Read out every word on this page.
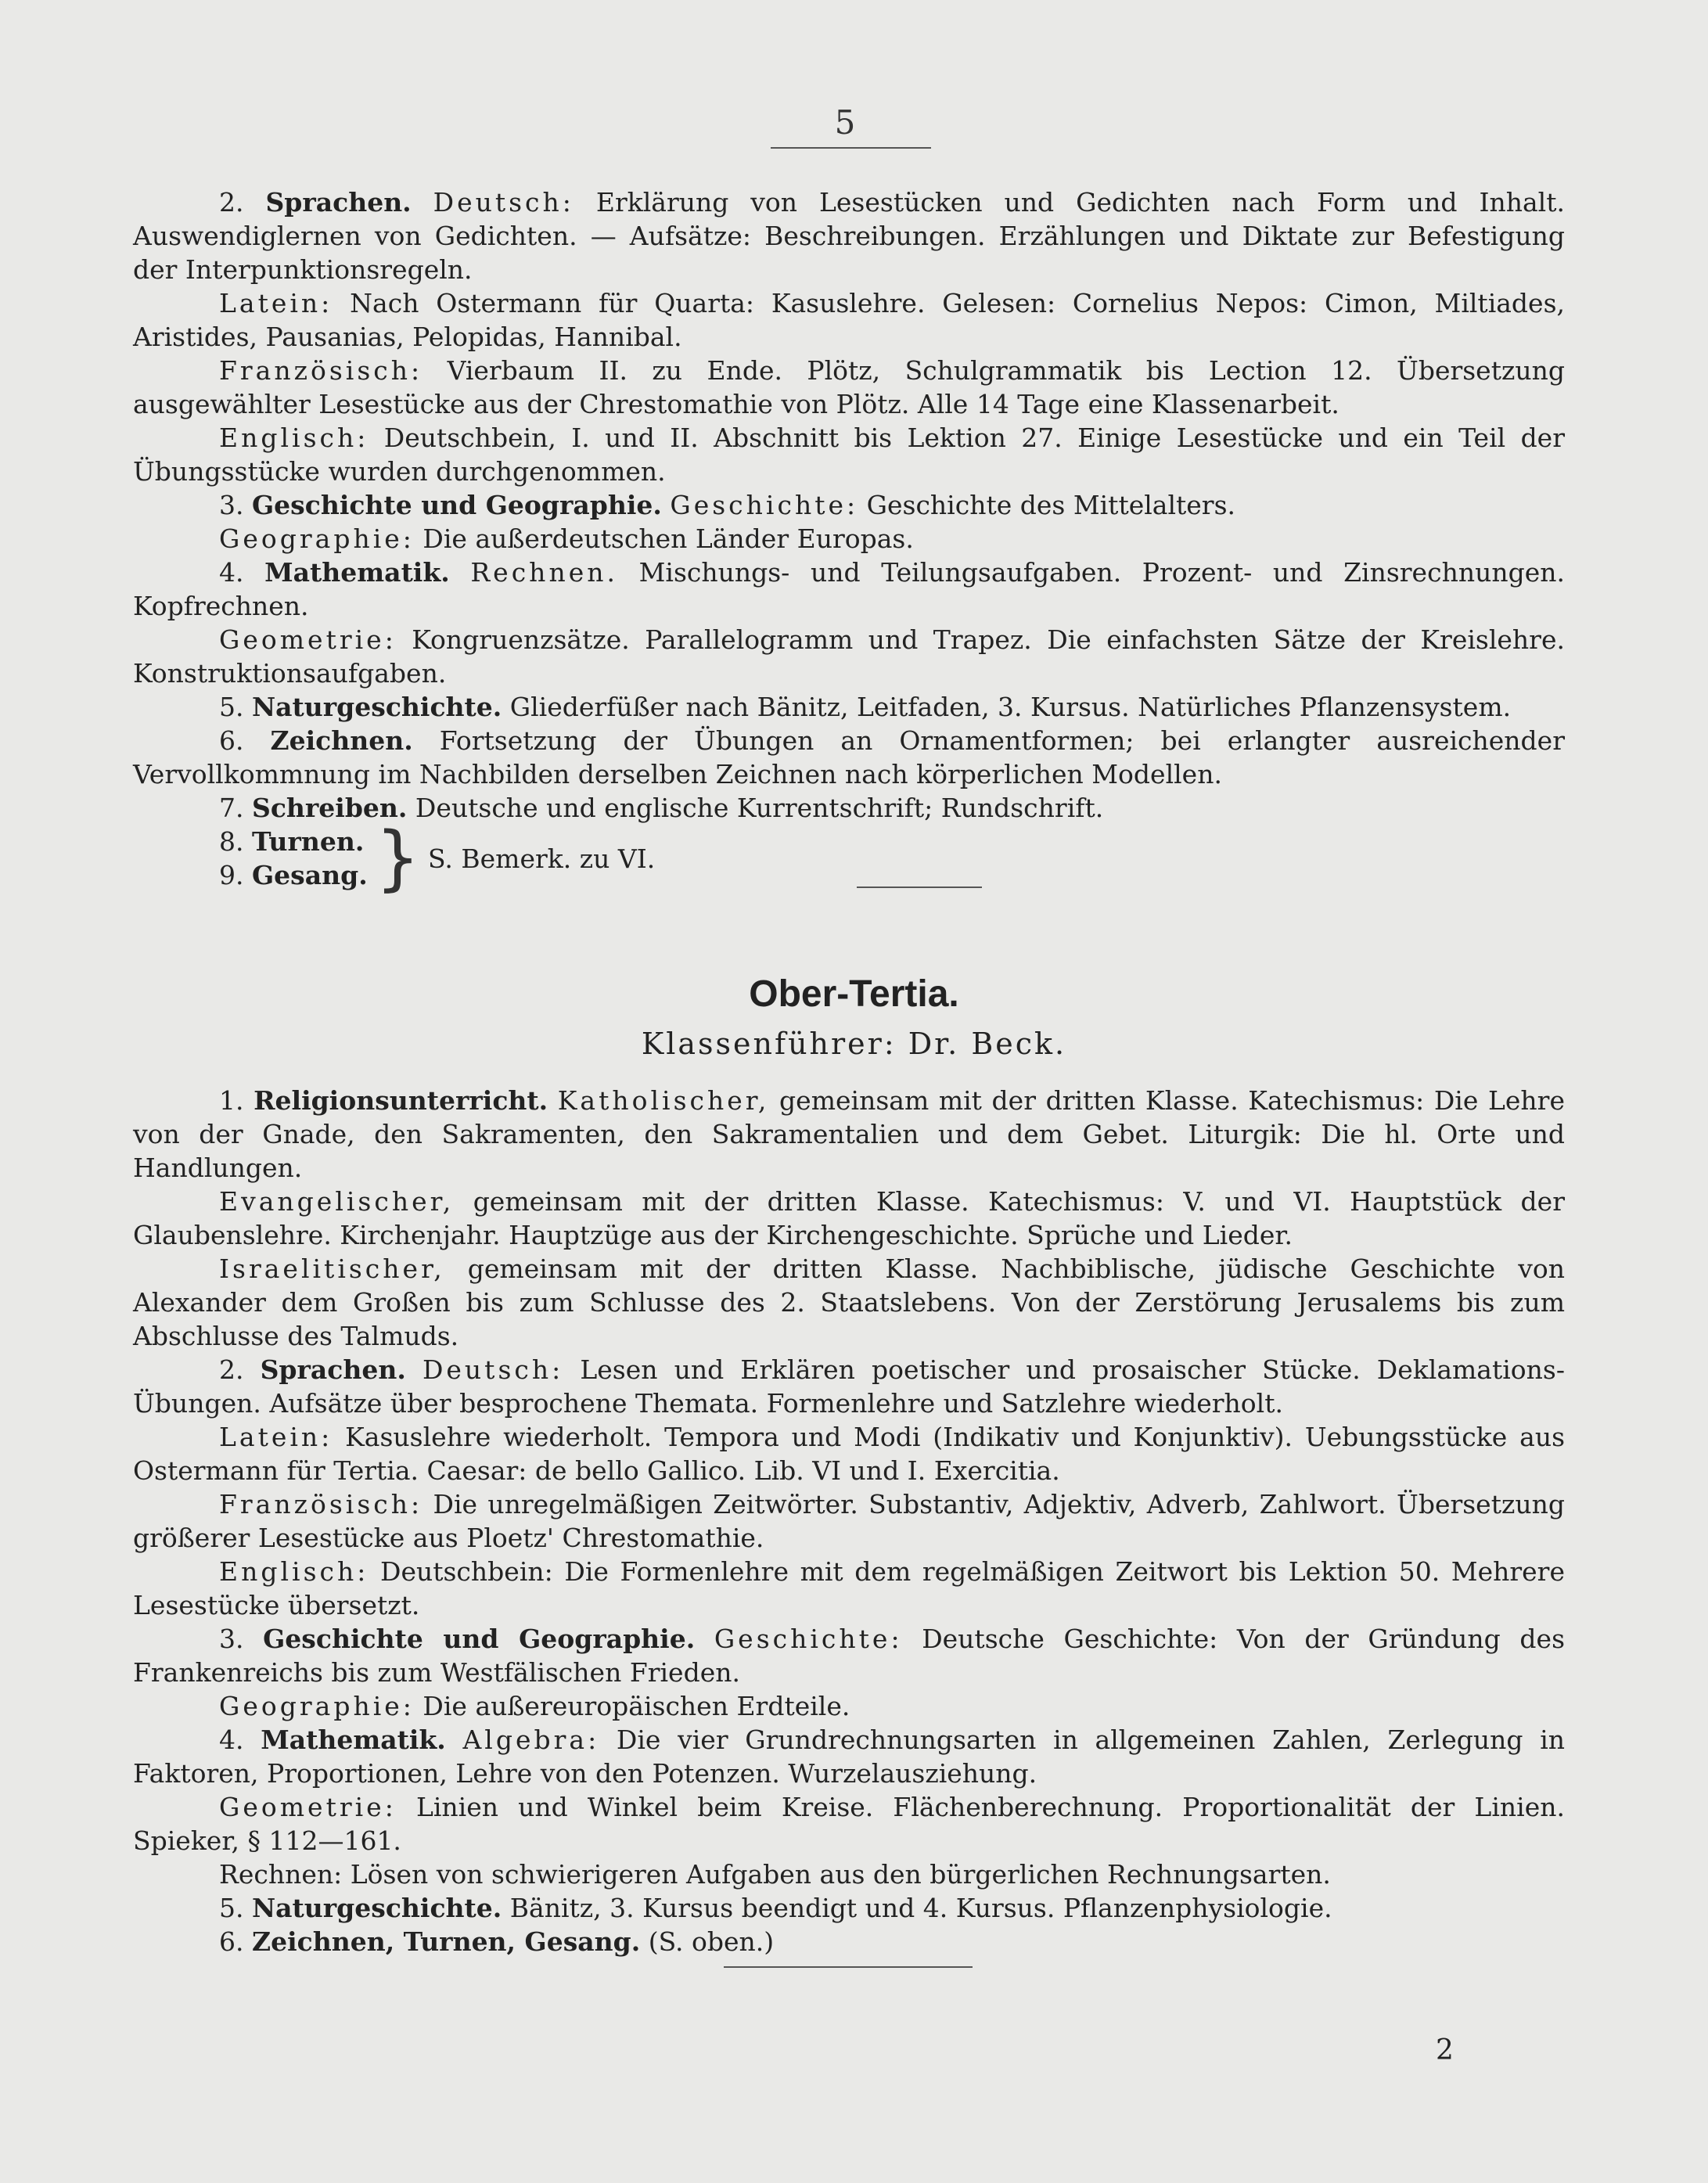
5

2. Sprachen. Deutsch: Erklärung von Lesestücken und Gedichten nach Form und Inhalt. Auswendiglernen von Gedichten. — Aufsätze: Beschreibungen. Erzählungen und Diktate zur Befestigung der Interpunktionsregeln.

Latein: Nach Ostermann für Quarta: Kasuslehre. Gelesen: Cornelius Nepos: Cimon, Miltiades, Aristides, Pausanias, Pelopidas, Hannibal.

Französisch: Vierbaum II. zu Ende. Plötz, Schulgrammatik bis Lection 12. Übersetzung ausgewählter Lesestücke aus der Chrestomathie von Plötz. Alle 14 Tage eine Klassenarbeit.

Englisch: Deutschbein, I. und II. Abschnitt bis Lektion 27. Einige Lesestücke und ein Teil der Übungsstücke wurden durchgenommen.

3. Geschichte und Geographie. Geschichte: Geschichte des Mittelalters.

Geographie: Die außerdeutschen Länder Europas.

4. Mathematik. Rechnen. Mischungs- und Teilungsaufgaben. Prozent- und Zinsrechnungen. Kopfrechnen.

Geometrie: Kongruenzsätze. Parallelogramm und Trapez. Die einfachsten Sätze der Kreislehre. Konstruktionsaufgaben.

5. Naturgeschichte. Gliederfüßer nach Bänitz, Leitfaden, 3. Kursus. Natürliches Pflanzensystem.

6. Zeichnen. Fortsetzung der Übungen an Ornamentformen; bei erlangter ausreichender Vervollkommnung im Nachbilden derselben Zeichnen nach körperlichen Modellen.

7. Schreiben. Deutsche und englische Kurrentschrift; Rundschrift.

8. Turnen.
9. Gesang. } S. Bemerk. zu VI.
Ober-Tertia.
Klassenführer: Dr. Beck.

1. Religionsunterricht. Katholischer, gemeinsam mit der dritten Klasse. Katechismus: Die Lehre von der Gnade, den Sakramenten, den Sakramentalien und dem Gebet. Liturgik: Die hl. Orte und Handlungen.

Evangelischer, gemeinsam mit der dritten Klasse. Katechismus: V. und VI. Hauptstück der Glaubenslehre. Kirchenjahr. Hauptzüge aus der Kirchengeschichte. Sprüche und Lieder.

Israelitischer, gemeinsam mit der dritten Klasse. Nachbiblische, jüdische Geschichte von Alexander dem Großen bis zum Schlusse des 2. Staatslebens. Von der Zerstörung Jerusalems bis zum Abschlusse des Talmuds.

2. Sprachen. Deutsch: Lesen und Erklären poetischer und prosaischer Stücke. Deklamations-Übungen. Aufsätze über besprochene Themata. Formenlehre und Satzlehre wiederholt.

Latein: Kasuslehre wiederholt. Tempora und Modi (Indikativ und Konjunktiv). Uebungsstücke aus Ostermann für Tertia. Caesar: de bello Gallico. Lib. VI und I. Exercitia.

Französisch: Die unregelmäßigen Zeitwörter. Substantiv, Adjektiv, Adverb, Zahlwort. Übersetzung größerer Lesestücke aus Ploetz' Chrestomathie.

Englisch: Deutschbein: Die Formenlehre mit dem regelmäßigen Zeitwort bis Lektion 50. Mehrere Lesestücke übersetzt.

3. Geschichte und Geographie. Geschichte: Deutsche Geschichte: Von der Gründung des Frankenreichs bis zum Westfälischen Frieden.

Geographie: Die außereuropäischen Erdteile.

4. Mathematik. Algebra: Die vier Grundrechnungsarten in allgemeinen Zahlen, Zerlegung in Faktoren, Proportionen, Lehre von den Potenzen. Wurzelausziehung.

Geometrie: Linien und Winkel beim Kreise. Flächenberechnung. Proportionalität der Linien. Spieker, § 112—161.

Rechnen: Lösen von schwierigeren Aufgaben aus den bürgerlichen Rechnungsarten.

5. Naturgeschichte. Bänitz, 3. Kursus beendigt und 4. Kursus. Pflanzenphysiologie.

6. Zeichnen, Turnen, Gesang. (S. oben.)

2
